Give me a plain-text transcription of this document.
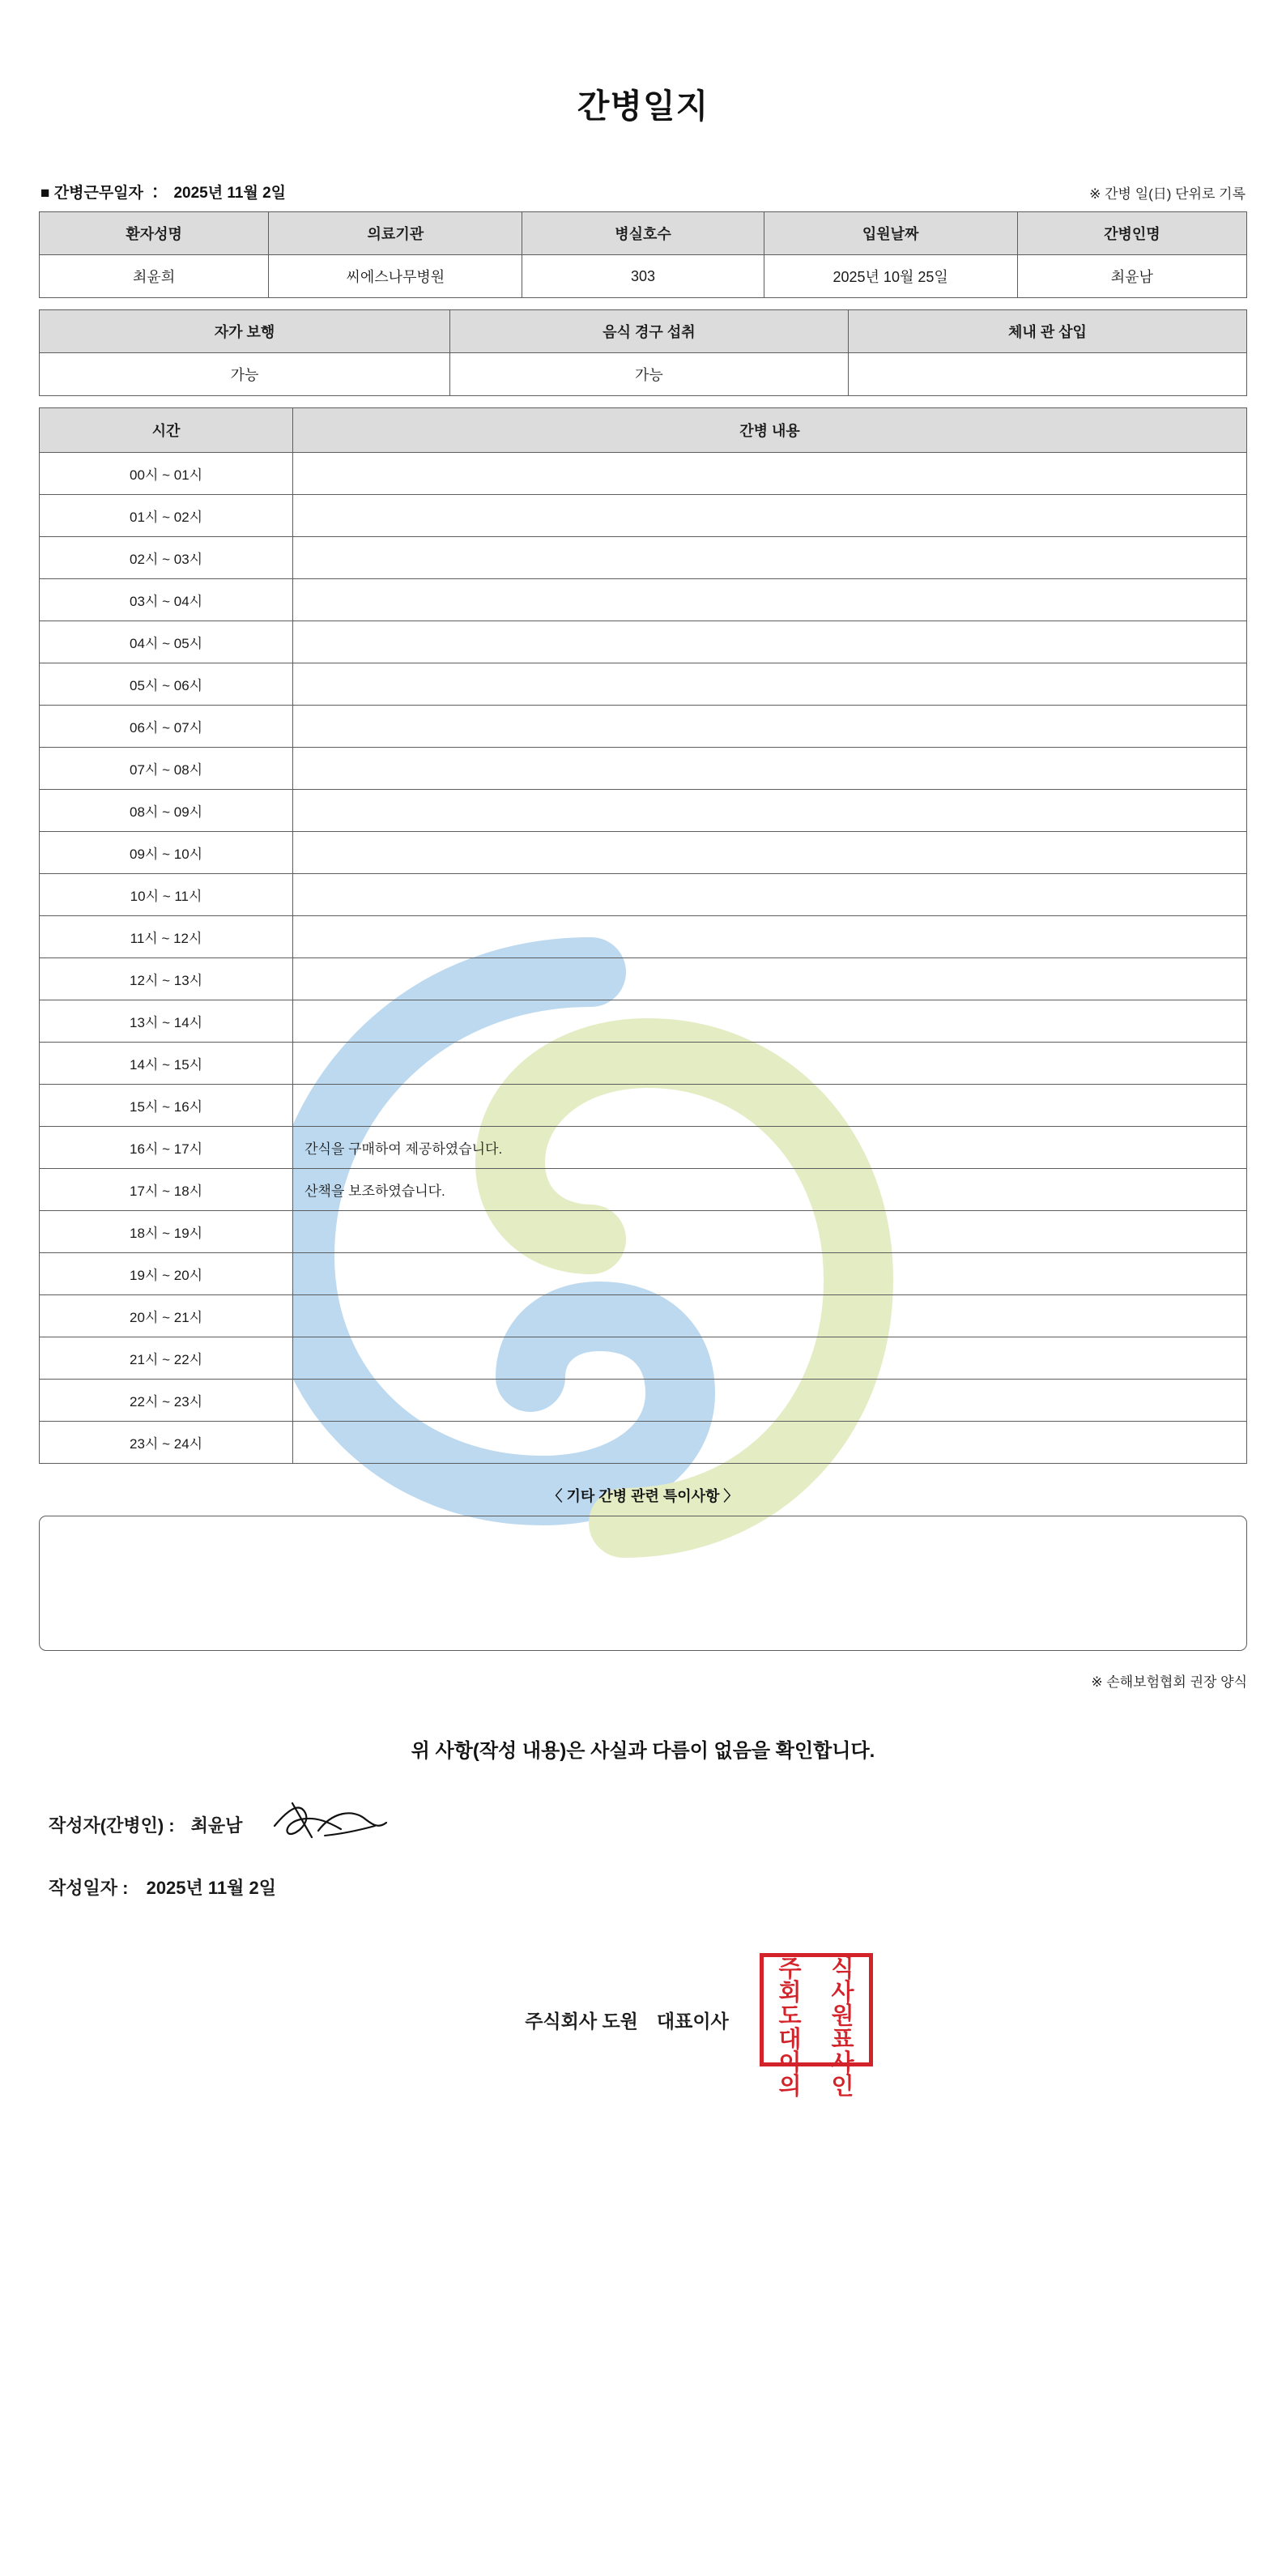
간병일지
■ 간병근무일자 ： 2025년 11월 2일	※ 간병 일(日) 단위로 기록
환자성명	의료기관	병실호수	입원날짜	간병인명
최윤희	씨에스나무병원	303	2025년 10월 25일	최윤남
자가 보행	음식 경구 섭취	체내 관 삽입
가능	가능	
시간	간병 내용
00시 ~ 01시	
01시 ~ 02시	
02시 ~ 03시	
03시 ~ 04시	
04시 ~ 05시	
05시 ~ 06시	
06시 ~ 07시	
07시 ~ 08시	
08시 ~ 09시	
09시 ~ 10시	
10시 ~ 11시	
11시 ~ 12시	
12시 ~ 13시	
13시 ~ 14시	
14시 ~ 15시	
15시 ~ 16시	
16시 ~ 17시	간식을 구매하여 제공하였습니다.
17시 ~ 18시	산책을 보조하였습니다.
18시 ~ 19시	
19시 ~ 20시	
20시 ~ 21시	
21시 ~ 22시	
22시 ~ 23시	
23시 ~ 24시	
〈 기타 간병 관련 특이사항 〉
※ 손해보험협회 권장 양식
위 사항(작성 내용)은 사실과 다름이 없음을 확인합니다.
작성자(간병인) : 최윤남
작성일자 : 2025년 11월 2일
주식회사 도원　대표이사
주	식
회	사
도	원
대	표
이	사
의	인
